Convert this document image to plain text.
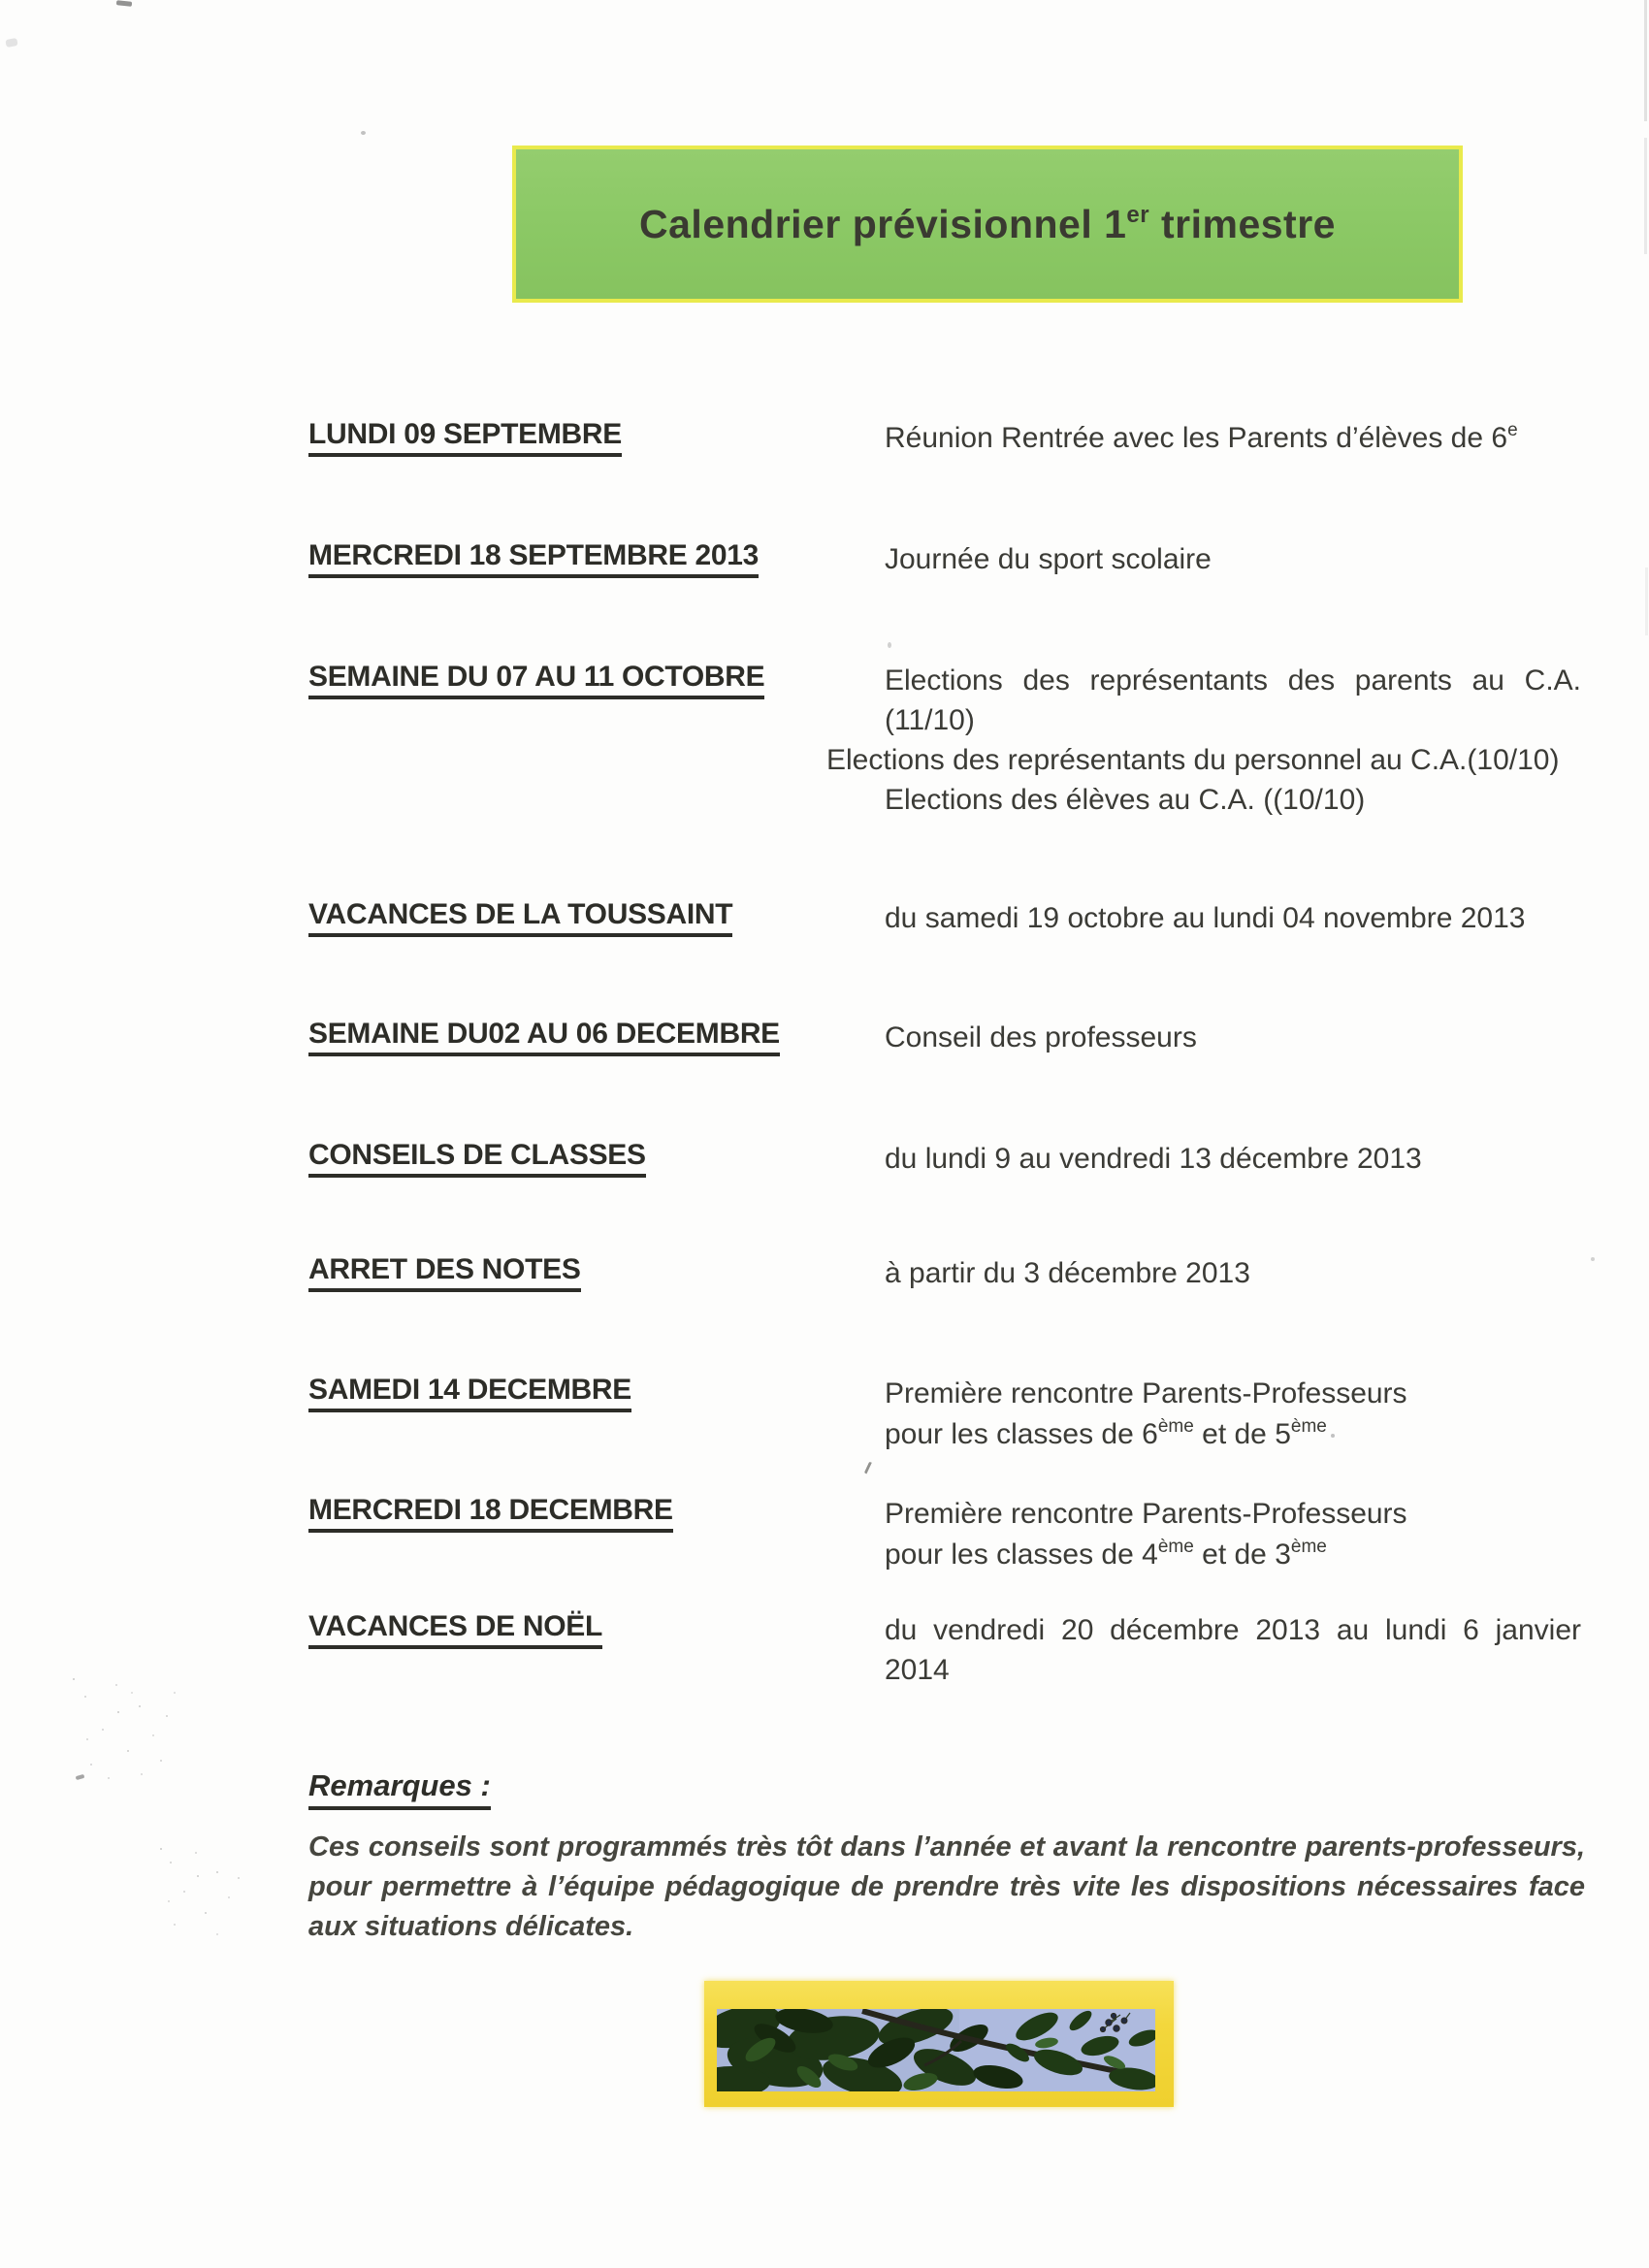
Calendrier prévisionnel 1er trimestre
LUNDI 09 SEPTEMBRE	Réunion Rentrée avec les Parents d’élèves de 6e
MERCREDI 18 SEPTEMBRE 2013	Journée du sport scolaire
SEMAINE DU 07 AU 11 OCTOBRE	Elections des représentants des parents au C.A.
(11/10)
Elections des représentants du personnel au C.A.(10/10)
Elections des élèves au C.A. ((10/10)
VACANCES DE LA TOUSSAINT	du samedi 19 octobre au lundi 04 novembre 2013
SEMAINE DU02 AU 06 DECEMBRE	Conseil des professeurs
CONSEILS DE CLASSES	du lundi 9 au vendredi 13 décembre 2013
ARRET DES NOTES	à partir du 3 décembre 2013
SAMEDI 14 DECEMBRE	Première rencontre Parents-Professeurs
pour les classes de 6ème et de 5ème
MERCREDI 18 DECEMBRE	Première rencontre Parents-Professeurs
pour les classes de 4ème et de 3ème
VACANCES DE NOËL	du vendredi 20 décembre 2013 au lundi 6 janvier
2014
Remarques :
Ces conseils sont programmés très tôt dans l’année et avant la rencontre parents-professeurs, pour permettre à l’équipe pédagogique de prendre très vite les dispositions nécessaires face aux situations délicates.
